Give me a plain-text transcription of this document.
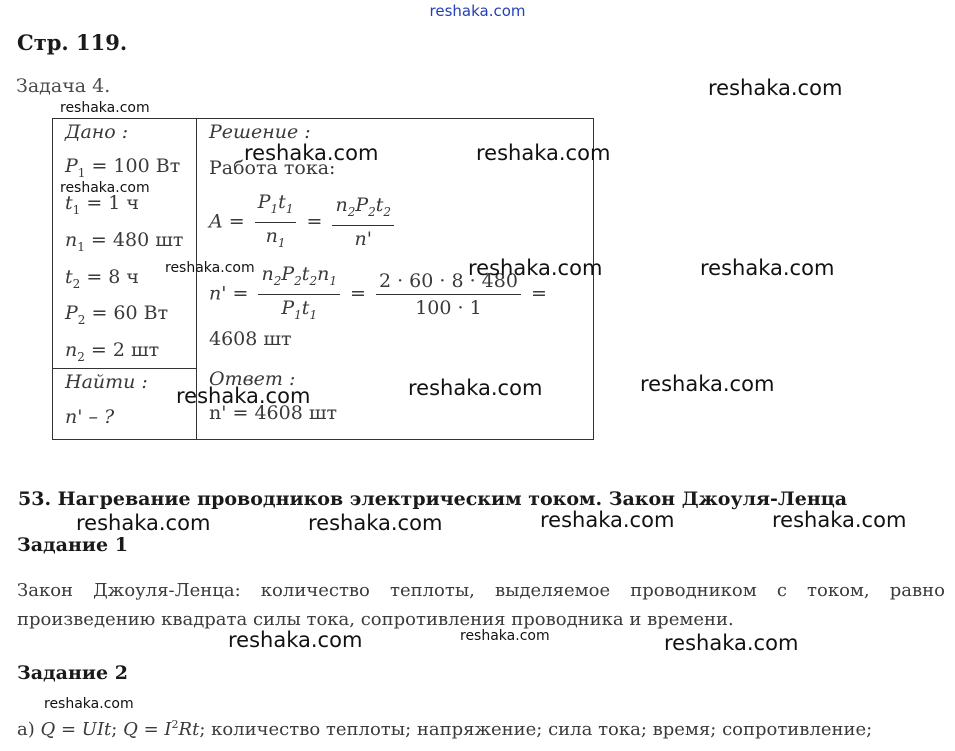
reshaka.com
Стр. 119.
Задача 4.
Дано :
$P_1 = 100$ Вт
$t_1 = 1$ ч
$n_1 = 480$ шт
$t_2 = 8$ ч
$P_2 = 60$ Вт
$n_2 = 2$ шт
Найти :
n' – ?
Решение :
Работа тока:
$A = \frac{P_1t_1}{n_1} = \frac{n_2P_2t_2}{n'}$
$n' = \frac{n_2P_2t_2n_1}{P_1t_1} = \frac{2 \cdot 60 \cdot 8 \cdot 480}{100 \cdot 1} = 4608$ шт
Ответ :
n' = 4608 шт
53. Нагревание проводников электрическим током. Закон Джоуля-Ленца
Задание 1
Закон Джоуля-Ленца: количество теплоты, выделяемое проводником с током, равно
произведению квадрата силы тока, сопротивления проводника и времени.
Задание 2
а) Q = UIt; $Q = I^2Rt$; количество теплоты; напряжение; сила тока; время; сопротивление;
reshaka.com
reshaka.com
reshaka.com	reshaka.com
reshaka.com
reshaka.com	reshaka.com	reshaka.com
reshaka.com	reshaka.com	reshaka.com
reshaka.com	reshaka.com	reshaka.com	reshaka.com
reshaka.com	reshaka.com	reshaka.com
reshaka.com
